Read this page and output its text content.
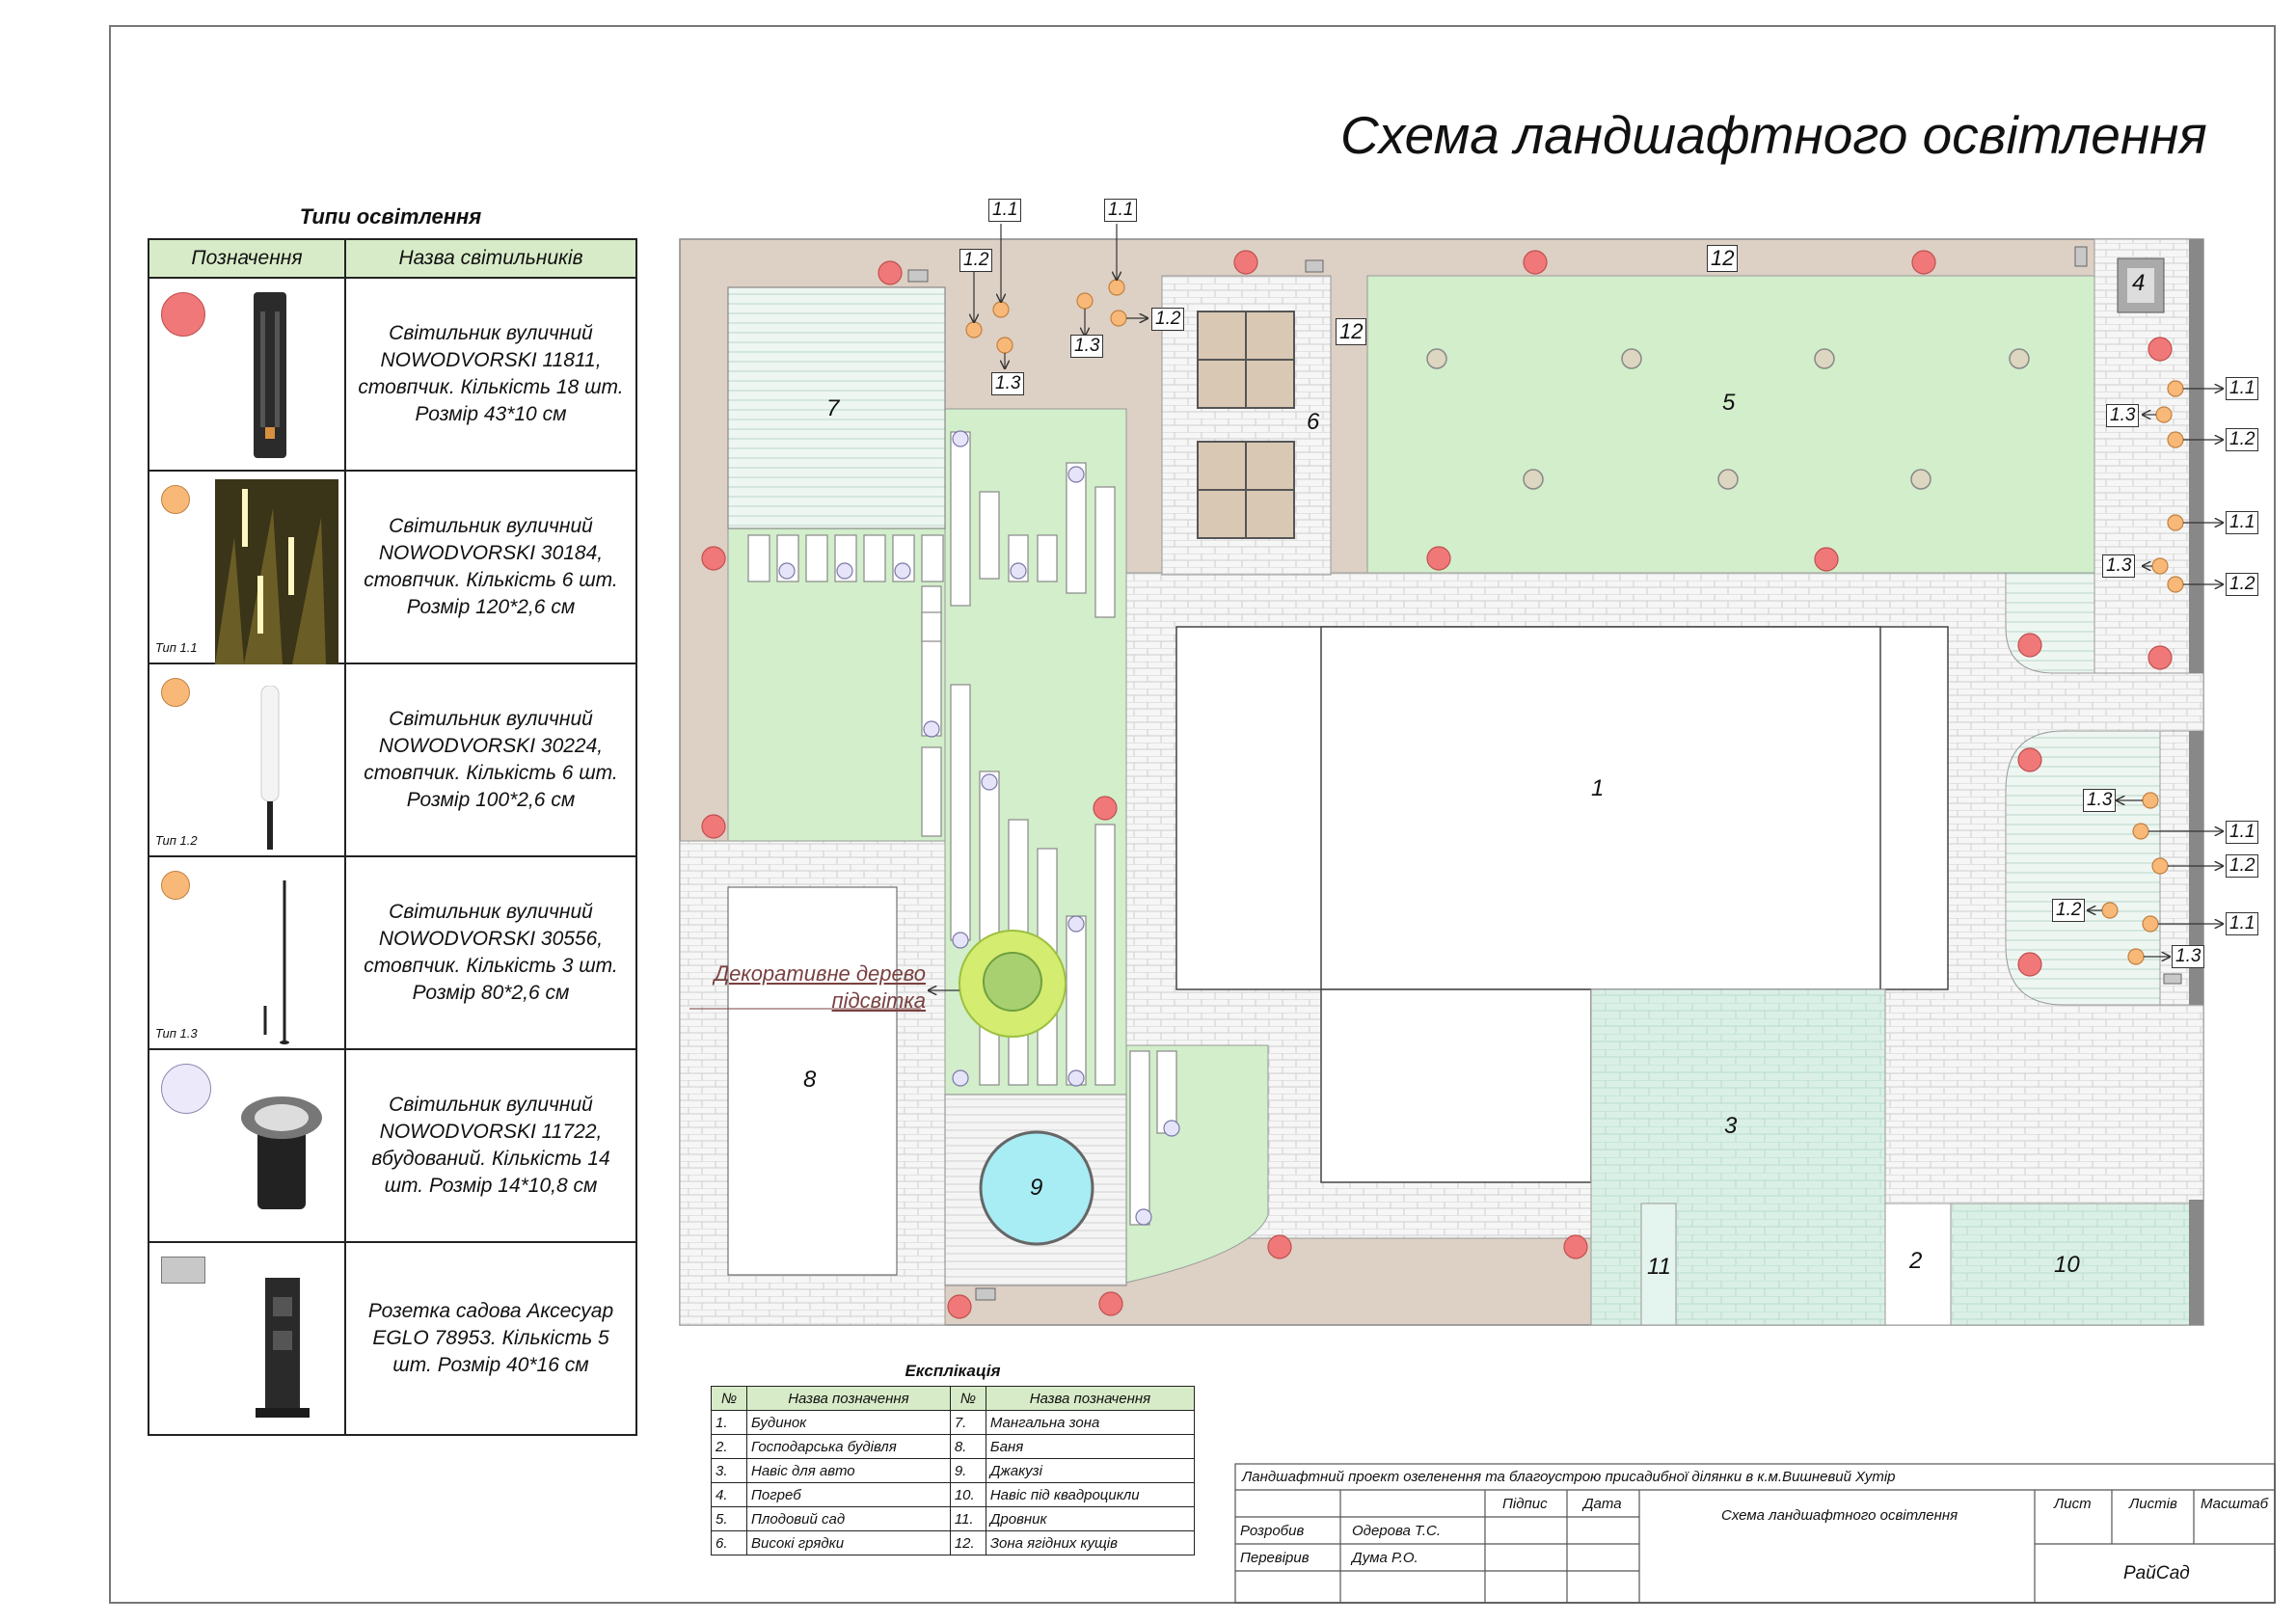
Схема ландшафтного освітлення
Типи освітлення
Позначення	Назва світильників

	Світильник вуличний NOWODVORSKI 11811, стовпчик. Кількість 18 шт. Розмір 43*10 см

Тип 1.1	Світильник вуличний NOWODVORSKI 30184, стовпчик. Кількість 6 шт. Розмір 120*2,6 см

Тип 1.2	Світильник вуличний NOWODVORSKI 30224, стовпчик. Кількість 6 шт. Розмір 100*2,6 см

Тип 1.3	Світильник вуличний NOWODVORSKI 30556, стовпчик. Кількість 3 шт. Розмір 80*2,6 см

	Світильник вуличний NOWODVORSKI 11722, вбудований. Кількість 14 шт. Розмір 14*10,8 см

	Розетка садова Аксесуар EGLO 78953. Кількість 5 шт. Розмір 40*16 см
1
2
3
4
5
6
7
8
9
10
11
12
12
Декоративне дерево
підсвітка
1.1	1.1
1.2
1.3
1.3
1.2
1.1
1.3
1.2
1.1
1.3
1.2
1.3
1.1
1.2
1.2
1.1
1.3
Експлікація
№	Назва позначення	№	Назва позначення
1.	Будинок	7.	Мангальна зона
2.	Господарська будівля	8.	Баня
3.	Навіс для авто	9.	Джакузі
4.	Погреб	10.	Навіс під квадроцикли
5.	Плодовий сад	11.	Дровник
6.	Високі грядки	12.	Зона ягідних кущів
Ландшафтний проект озеленення та благоустрою присадибної ділянки в к.м.Вишневий Хутір
Підпис Дата
Схема ландшафтного освітлення
Лист	Листів Масштаб
Розробив	Одерова Т.С.
Перевірив	Дума Р.О.
РайСад
